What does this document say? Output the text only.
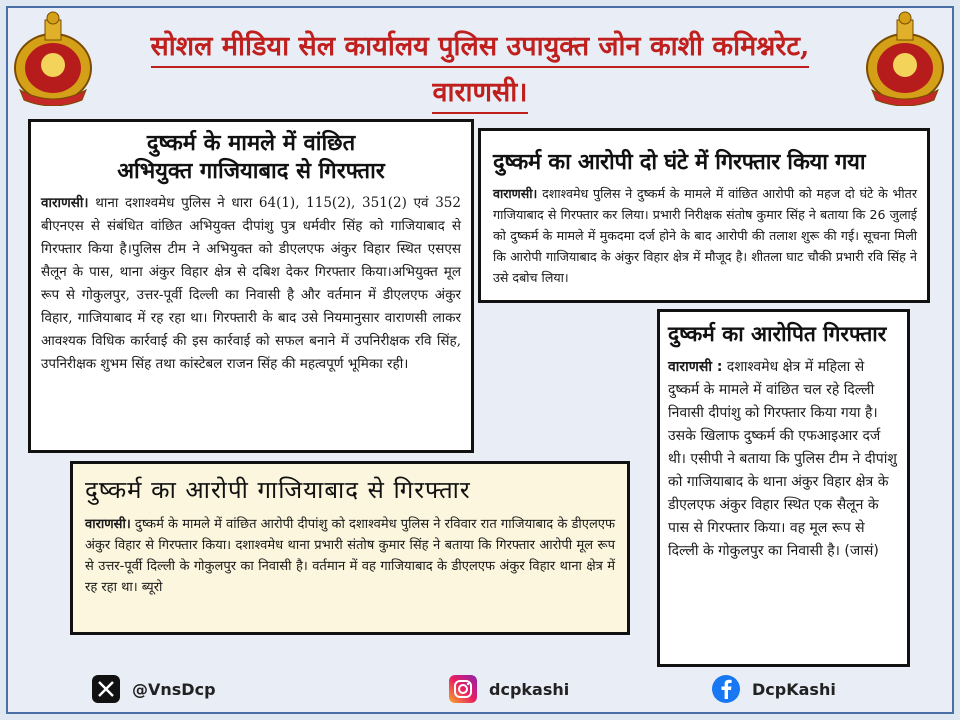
सोशल मीडिया सेल कार्यालय पुलिस उपायुक्त जोन काशी कमिश्नरेट,
वाराणसी।
दुष्कर्म के मामले में वांछित
अभियुक्त गाजियाबाद से गिरफ्तार
वाराणसी। थाना दशाश्वमेध पुलिस ने धारा 64(1), 115(2), 351(2) एवं 352 बीएनएस से संबंधित वांछित अभियुक्त दीपांशु पुत्र धर्मवीर सिंह को गाजियाबाद से गिरफ्तार किया है।पुलिस टीम ने अभियुक्त को डीएलएफ अंकुर विहार स्थित एसएस सैलून के पास, थाना अंकुर विहार क्षेत्र से दबिश देकर गिरफ्तार किया।अभियुक्त मूल रूप से गोकुलपुर, उत्तर-पूर्वी दिल्ली का निवासी है और वर्तमान में डीएलएफ अंकुर विहार, गाजियाबाद में रह रहा था। गिरफ्तारी के बाद उसे नियमानुसार वाराणसी लाकर आवश्यक विधिक कार्रवाई की इस कार्रवाई को सफल बनाने में उपनिरीक्षक रवि सिंह, उपनिरीक्षक शुभम सिंह तथा कांस्टेबल राजन सिंह की महत्वपूर्ण भूमिका रही।
दुष्कर्म का आरोपी दो घंटे में गिरफ्तार किया गया
वाराणसी। दशाश्वमेध पुलिस ने दुष्कर्म के मामले में वांछित आरोपी को महज दो घंटे के भीतर गाजियाबाद से गिरफ्तार कर लिया। प्रभारी निरीक्षक संतोष कुमार सिंह ने बताया कि 26 जुलाई को दुष्कर्म के मामले में मुकदमा दर्ज होने के बाद आरोपी की तलाश शुरू की गई। सूचना मिली कि आरोपी गाजियाबाद के अंकुर विहार क्षेत्र में मौजूद है। शीतला घाट चौकी प्रभारी रवि सिंह ने उसे दबोच लिया।
दुष्कर्म का आरोपित गिरफ्तार
वाराणसी : दशाश्वमेध क्षेत्र में महिला से दुष्कर्म के मामले में वांछित चल रहे दिल्ली निवासी दीपांशु को गिरफ्तार किया गया है। उसके खिलाफ दुष्कर्म की एफआइआर दर्ज थी। एसीपी ने बताया कि पुलिस टीम ने दीपांशु को गाजियाबाद के थाना अंकुर विहार क्षेत्र के डीएलएफ अंकुर विहार स्थित एक सैलून के पास से गिरफ्तार किया। वह मूल रूप से दिल्ली के गोकुलपुर का निवासी है। (जासं)
दुष्कर्म का आरोपी गाजियाबाद से गिरफ्तार
वाराणसी। दुष्कर्म के मामले में वांछित आरोपी दीपांशु को दशाश्वमेध पुलिस ने रविवार रात गाजियाबाद के डीएलएफ अंकुर विहार से गिरफ्तार किया। दशाश्वमेध थाना प्रभारी संतोष कुमार सिंह ने बताया कि गिरफ्तार आरोपी मूल रूप से उत्तर-पूर्वी दिल्ली के गोकुलपुर का निवासी है। वर्तमान में वह गाजियाबाद के डीएलएफ अंकुर विहार थाना क्षेत्र में रह रहा था। ब्यूरो
@VnsDcp	dcpkashi	DcpKashi
